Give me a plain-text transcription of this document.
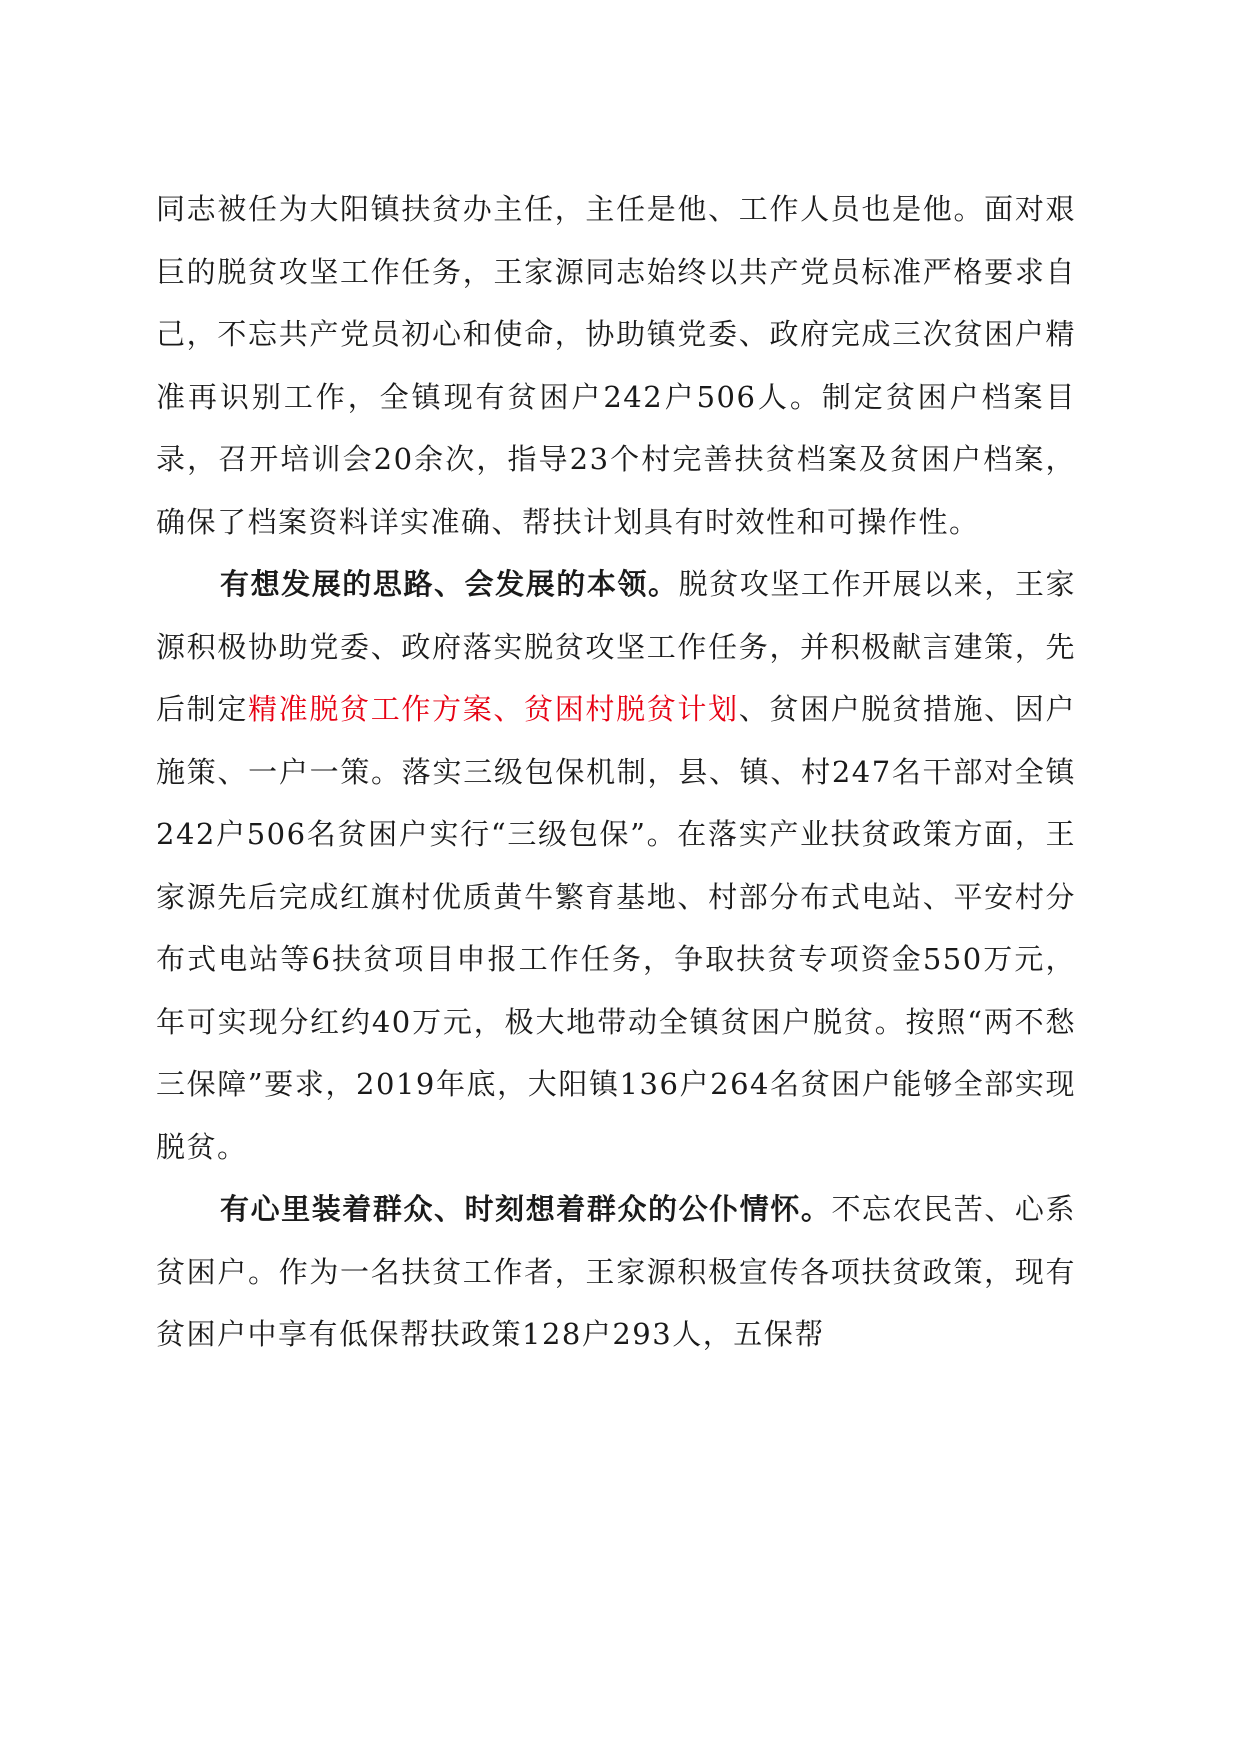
同志被任为大阳镇扶贫办主任，主任是他、工作人员也是他。面对艰巨的脱贫攻坚工作任务，王家源同志始终以共产党员标准严格要求自己，不忘共产党员初心和使命，协助镇党委、政府完成三次贫困户精准再识别工作，全镇现有贫困户242户506人。制定贫困户档案目录，召开培训会20余次，指导23个村完善扶贫档案及贫困户档案，确保了档案资料详实准确、帮扶计划具有时效性和可操作性。

有想发展的思路、会发展的本领。脱贫攻坚工作开展以来，王家源积极协助党委、政府落实脱贫攻坚工作任务，并积极献言建策，先后制定精准脱贫工作方案、贫困村脱贫计划、贫困户脱贫措施、因户施策、一户一策。落实三级包保机制，县、镇、村247名干部对全镇242户506名贫困户实行“三级包保”。在落实产业扶贫政策方面，王家源先后完成红旗村优质黄牛繁育基地、村部分布式电站、平安村分布式电站等6扶贫项目申报工作任务，争取扶贫专项资金550万元，年可实现分红约40万元，极大地带动全镇贫困户脱贫。按照“两不愁三保障”要求，2019年底，大阳镇136户264名贫困户能够全部实现脱贫。

有心里装着群众、时刻想着群众的公仆情怀。不忘农民苦、心系贫困户。作为一名扶贫工作者，王家源积极宣传各项扶贫政策，现有贫困户中享有低保帮扶政策128户293人，五保帮
